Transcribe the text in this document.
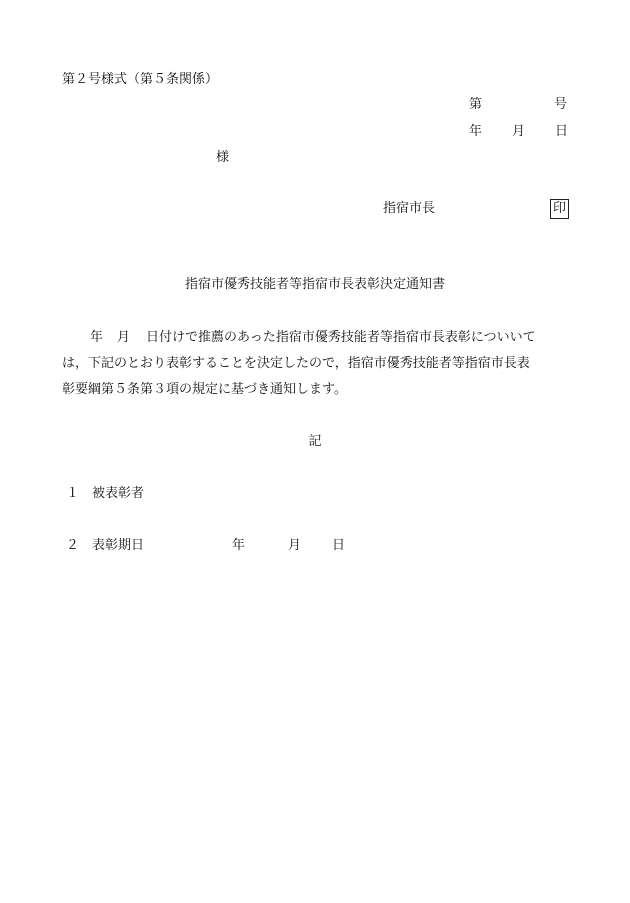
第２号様式（第５条関係）
第	号
年 月 日
様
指宿市長	印
指宿市優秀技能者等指宿市長表彰決定通知書
年 月 日付けで推薦のあった指宿市優秀技能者等指宿市長表彰についいて
は，下記のとおり表彰することを決定したので，指宿市優秀技能者等指宿市長表
彰要綱第５条第３項の規定に基づき通知します。
記
１ 被表彰者
２ 表彰期日	年	月 日
